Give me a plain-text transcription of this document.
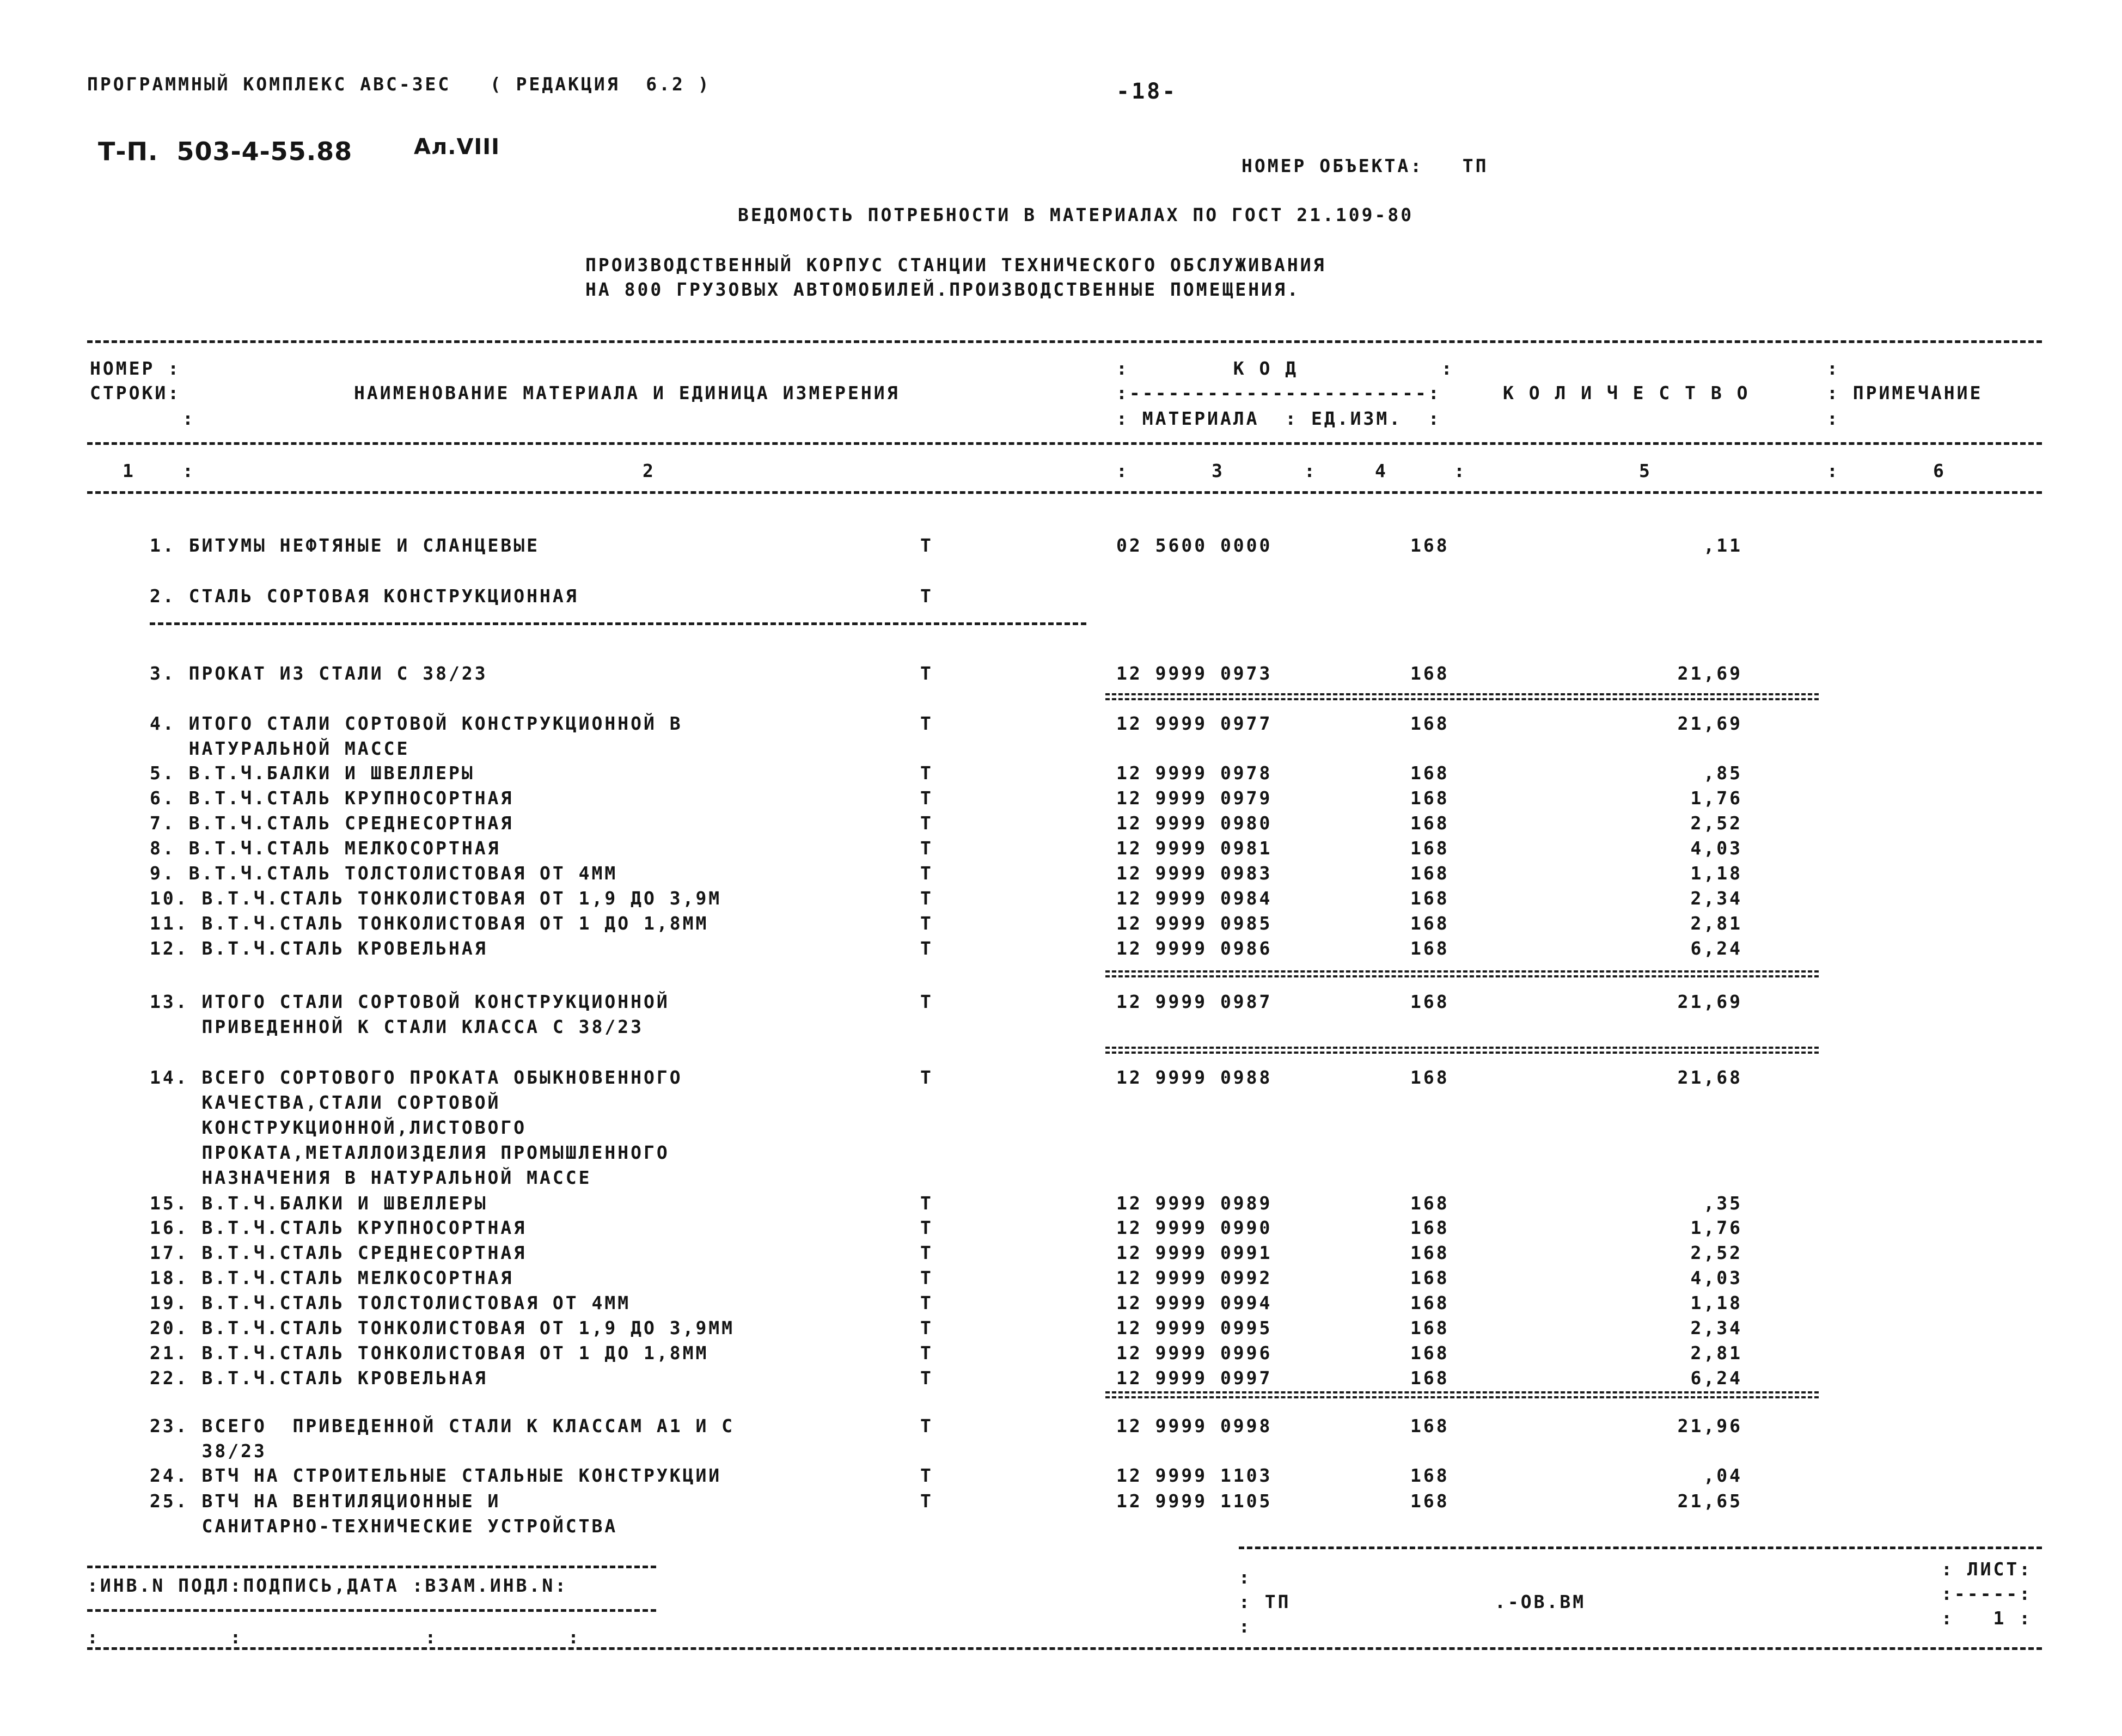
ПРОГРАММНЫЙ КОМПЛЕКС АВС-3ЕС   ( РЕДАКЦИЯ  6.2 )	-18-
Т-П.  503-4-55.88	Ал.VIII
НОМЕР ОБЪЕКТА:   ТП
ВЕДОМОСТЬ ПОТРЕБНОСТИ В МАТЕРИАЛАХ ПО ГОСТ 21.109-80
ПРОИЗВОДСТВЕННЫЙ КОРПУС СТАНЦИИ ТЕХНИЧЕСКОГО ОБСЛУЖИВАНИЯ
НА 800 ГРУЗОВЫХ АВТОМОБИЛЕЙ.ПРОИЗВОДСТВЕННЫЕ ПОМЕЩЕНИЯ.
НОМЕР :
СТРОКИ:
:
НАИМЕНОВАНИЕ МАТЕРИАЛА И ЕДИНИЦА ИЗМЕРЕНИЯ
:        К О Д           :
:-----------------------:
: МАТЕРИАЛА  : ЕД.ИЗМ.  :
К О Л И Ч Е С Т В О
:
: ПРИМЕЧАНИЕ
:
1	:	2	:	3	:	4	:	5	:	6
1. БИТУМЫ НЕФТЯНЫЕ И СЛАНЦЕВЫЕ	Т	02 5600 0000	168	,11
2. СТАЛЬ СОРТОВАЯ КОНСТРУКЦИОННАЯ	Т
3. ПРОКАТ ИЗ СТАЛИ С 38/23	Т	12 9999 0973	168	21,69
4. ИТОГО СТАЛИ СОРТОВОЙ КОНСТРУКЦИОННОЙ В	Т	12 9999 0977	168	21,69
НАТУРАЛЬНОЙ МАССЕ
5. В.Т.Ч.БАЛКИ И ШВЕЛЛЕРЫ	Т	12 9999 0978	168	,85
6. В.Т.Ч.СТАЛЬ КРУПНОСОРТНАЯ	Т	12 9999 0979	168	1,76
7. В.Т.Ч.СТАЛЬ СРЕДНЕСОРТНАЯ	Т	12 9999 0980	168	2,52
8. В.Т.Ч.СТАЛЬ МЕЛКОСОРТНАЯ	Т	12 9999 0981	168	4,03
9. В.Т.Ч.СТАЛЬ ТОЛСТОЛИСТОВАЯ ОТ 4ММ	Т	12 9999 0983	168	1,18
10. В.Т.Ч.СТАЛЬ ТОНКОЛИСТОВАЯ ОТ 1,9 ДО 3,9М	Т	12 9999 0984	168	2,34
11. В.Т.Ч.СТАЛЬ ТОНКОЛИСТОВАЯ ОТ 1 ДО 1,8ММ	Т	12 9999 0985	168	2,81
12. В.Т.Ч.СТАЛЬ КРОВЕЛЬНАЯ	Т	12 9999 0986	168	6,24
13. ИТОГО СТАЛИ СОРТОВОЙ КОНСТРУКЦИОННОЙ	Т	12 9999 0987	168	21,69
ПРИВЕДЕННОЙ К СТАЛИ КЛАССА С 38/23
14. ВСЕГО СОРТОВОГО ПРОКАТА ОБЫКНОВЕННОГО	Т	12 9999 0988	168	21,68
КАЧЕСТВА,СТАЛИ СОРТОВОЙ
КОНСТРУКЦИОННОЙ,ЛИСТОВОГО
ПРОКАТА,МЕТАЛЛОИЗДЕЛИЯ ПРОМЫШЛЕННОГО
НАЗНАЧЕНИЯ В НАТУРАЛЬНОЙ МАССЕ
15. В.Т.Ч.БАЛКИ И ШВЕЛЛЕРЫ	Т	12 9999 0989	168	,35
16. В.Т.Ч.СТАЛЬ КРУПНОСОРТНАЯ	Т	12 9999 0990	168	1,76
17. В.Т.Ч.СТАЛЬ СРЕДНЕСОРТНАЯ	Т	12 9999 0991	168	2,52
18. В.Т.Ч.СТАЛЬ МЕЛКОСОРТНАЯ	Т	12 9999 0992	168	4,03
19. В.Т.Ч.СТАЛЬ ТОЛСТОЛИСТОВАЯ ОТ 4ММ	Т	12 9999 0994	168	1,18
20. В.Т.Ч.СТАЛЬ ТОНКОЛИСТОВАЯ ОТ 1,9 ДО 3,9ММ	Т	12 9999 0995	168	2,34
21. В.Т.Ч.СТАЛЬ ТОНКОЛИСТОВАЯ ОТ 1 ДО 1,8ММ	Т	12 9999 0996	168	2,81
22. В.Т.Ч.СТАЛЬ КРОВЕЛЬНАЯ	Т	12 9999 0997	168	6,24
23. ВСЕГО  ПРИВЕДЕННОЙ СТАЛИ К КЛАССАМ А1 И С	Т	12 9999 0998	168	21,96
38/23
24. ВТЧ НА СТРОИТЕЛЬНЫЕ СТАЛЬНЫЕ КОНСТРУКЦИИ	Т	12 9999 1103	168	,04
25. ВТЧ НА ВЕНТИЛЯЦИОННЫЕ И	Т	12 9999 1105	168	21,65
САНИТАРНО-ТЕХНИЧЕСКИЕ УСТРОЙСТВА
:ИНВ.N ПОДЛ:ПОДПИСЬ,ДАТА :ВЗАМ.ИНВ.N:
:          :              :          :
:
: ТП
:
.-ОВ.ВМ
: ЛИСТ:
:-----:
:   1 :
